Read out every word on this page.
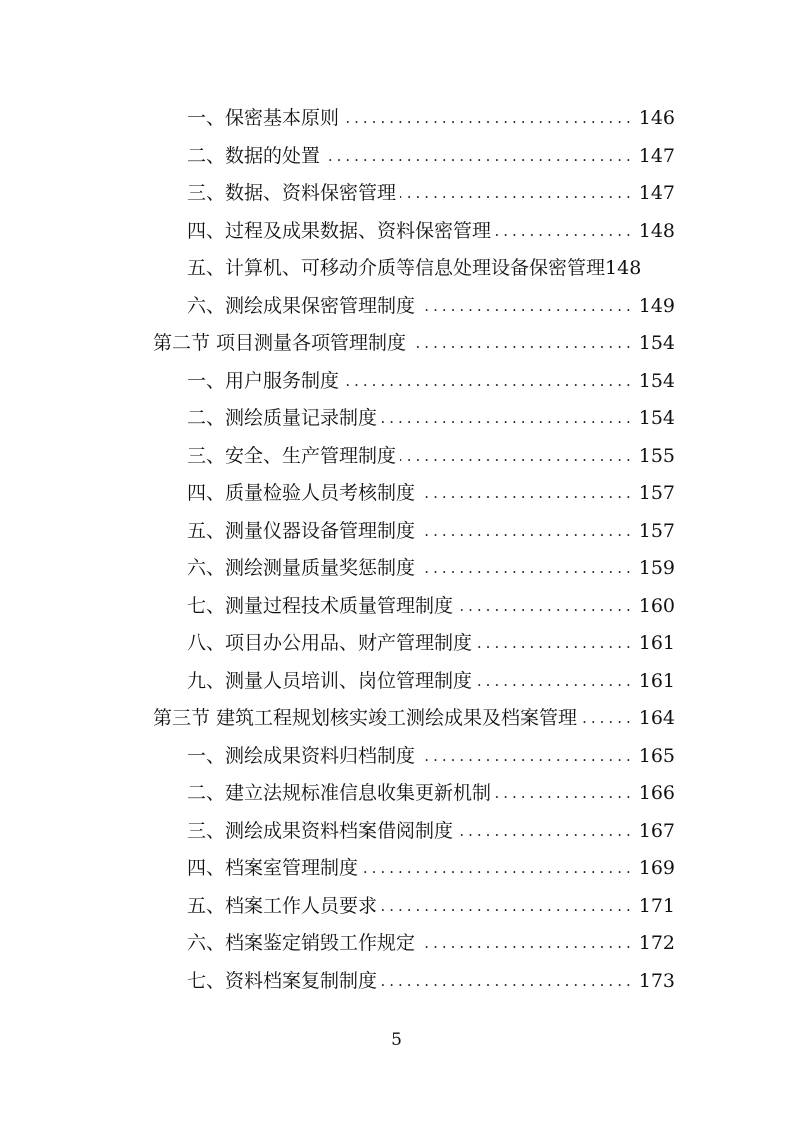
一、保密基本原则 .....	146
二、数据的处置 .....	147
三、数据、资料保密管理 .....	147
四、过程及成果数据、资料保密管理 .....	148
五、计算机、可移动介质等信息处理设备保密管理 148
六、测绘成果保密管理制度 .....	149
第二节 项目测量各项管理制度 .....	154
一、用户服务制度 .....	154
二、测绘质量记录制度 .....	154
三、安全、生产管理制度 .....	155
四、质量检验人员考核制度 .....	157
五、测量仪器设备管理制度 .....	157
六、测绘测量质量奖惩制度 .....	159
七、测量过程技术质量管理制度 .....	160
八、项目办公用品、财产管理制度 .....	161
九、测量人员培训、岗位管理制度 .....	161
第三节 建筑工程规划核实竣工测绘成果及档案管理 .....	164
一、测绘成果资料归档制度 .....	165
二、建立法规标准信息收集更新机制 .....	166
三、测绘成果资料档案借阅制度 .....	167
四、档案室管理制度 .....	169
五、档案工作人员要求 .....	171
六、档案鉴定销毁工作规定 .....	172
七、资料档案复制制度 .....	173
5
